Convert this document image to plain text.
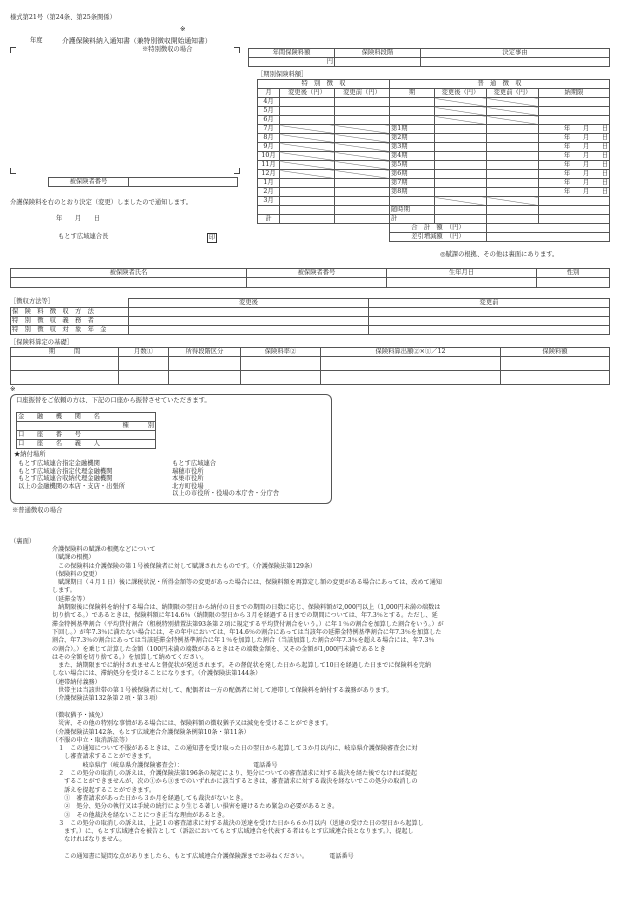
様式第21号（第24条、第25条関係）
※
年度	介護保険料納入通知書（兼特別徴収開始通知書）
※特別徴収の場合
被保険者番号	
介護保険料を右のとおり決定（変更）しましたので通知します。
年　　月　　日
もとす広域連合長	印
年間保険料額	保険料段階	決定事由
円		
［期別保険料額］
特　別　徴　収			普　通　徴　収			
月	変更後（円）	変更前（円）	期	変更後（円）	変更前（円）	納期限
4月						
5月						
6月						
7月			第1期			年　　月　　日
8月			第2期			年　　月　　日
9月			第3期			年　　月　　日
10月			第4期			年　　月　　日
11月			第5期			年　　月　　日
12月			第6期			年　　月　　日
1月			第7期			年　　月　　日
2月			第8期			年　　月　　日
3月						
			随時期			
計			計			
			合　計　額　（円）			
			差引増減額　（円）			
◎賦課の根拠、その他は裏面にあります。
被保険者氏名	被保険者番号	生年月日	性別

［徴収方法等］
		変更後	変更前
保　険　料　徴　収　方　法		
特　別　徴　収　義　務　者		
特　別　徴　収　対　象　年　金		
［保険料算定の基礎］
期　　　間	月数①	所得段階区分	保険料率②	保険料算出額②×①／12	保険料額

※
口座振替をご依頼の方は、下記の口座から振替させていただきます。
金　　融　　機　　関　　名
種　　　別
口　　座　　番　　号
口　　座　　名　　義　　人
★納付場所
もとす広域連合指定金融機関
もとす広域連合指定代理金融機関
もとす広域連合収納代理金融機関
以上の金融機関の本店・支店・出張所
もとす広域連合
瑞穂市役所
本巣市役所
北方町役場
以上の市役所・役場の本庁舎・分庁舎
※普通徴収の場合
（裏面）

介護保険料の賦課の根拠などについて

（賦課の根拠）

　この保険料は介護保険の第１号被保険者に対して賦課されたものです。（介護保険法第129条）

（保険料の変更）

　賦課期日（４月１日）後に課税状況・所得金額等の変更があった場合には、保険料額を再算定し額の変更がある場合にあっては、改めて通知

します。

（延滞金等）

　納期限後に保険料を納付する場合は、納期限の翌日から納付の日までの期間の日数に応じ、保険料額が2,000円以上（1,000円未満の端数は

切り捨てる。）であるときは、保険料額に年14.6％（納期限の翌日から３月を経過する日までの期間については、年7.3％とする。ただし、延

滞金特例基準割合（平均貸付割合（租税特別措置法第93条第２項に規定する平均貸付割合をいう。）に年１％の割合を加算した割合をいう。）が

下回し。）が年7.3％に満たない場合には、その年中においては、年14.6％の割合にあっては当該年の延滞金特例基準割合に年7.3％を加算した

割合、年7.3％の割合にあっては当該延滞金特例基準割合に年１％を加算した割合（当該加算した割合が年7.3％を超える場合には、年7.3％

の割合）。）を乗じて計算した金額（100円未満の端数があるときはその端数金額を、又その金額が1,000円未満であるとき

はその全額を切り捨てる。）を加算して納めてください。

　また、納期限までに納付されませんと督促状が発送されます。その督促状を発した日から起算して10日を経過した日までに保険料を完納

しない場合には、滞納処分を受けることになります。（介護保険法第144条）

（連帯納付義務）

　世帯主は当該世帯の第１号被保険者に対して、配偶者は一方の配偶者に対して連帯して保険料を納付する義務があります。

（介護保険法第132条第２項・第３項）

（徴収猶予・減免）

　災害、その他の特別な事情がある場合には、保険料額の徴収猶予又は減免を受けることができます。

（介護保険法第142条、もとす広域連合介護保険条例第10条・第11条）

（不服の申立・取消訴訟等）

　１　この通知について不服があるときは、この通知書を受け取った日の翌日から起算して３か月以内に、岐阜県介護保険審査会に対

　　し審査請求することができます。

　　　　　岐阜県庁（岐阜県介護保険審査会）：　　　　　　　　　　　　電話番号

　２　この処分の取消しの訴えは、介護保険法第196条の規定により、処分についての審査請求に対する裁決を経た後でなければ提起

　　することができませんが、次の①から③までのいずれかに該当するときは、審査請求に対する裁決を経ないでこの処分の取消しの

　　訴えを提起することができます。

　　①　審査請求があった日から３か月を経過しても裁決がないとき。

　　②　処分、処分の執行又は手続の続行により生じる著しい損害を避けるため緊急の必要があるとき。

　　③　その他裁決を経ないことにつき正当な理由があるとき。

　３　この処分の取消しの訴えは、上記１の審査請求に対する裁決の送達を受けた日から６か月以内（送達の受けた日の翌日から起算し

　　ます。）に、もとす広域連合を被告として（訴訟においてもとす広域連合を代表する者はもとす広域連合長となります。）、提起し

　　なければなりません。

　　この通知書に疑問な点がありましたら、もとす広域連合介護保険課までお尋ねください。　　　　電話番号
